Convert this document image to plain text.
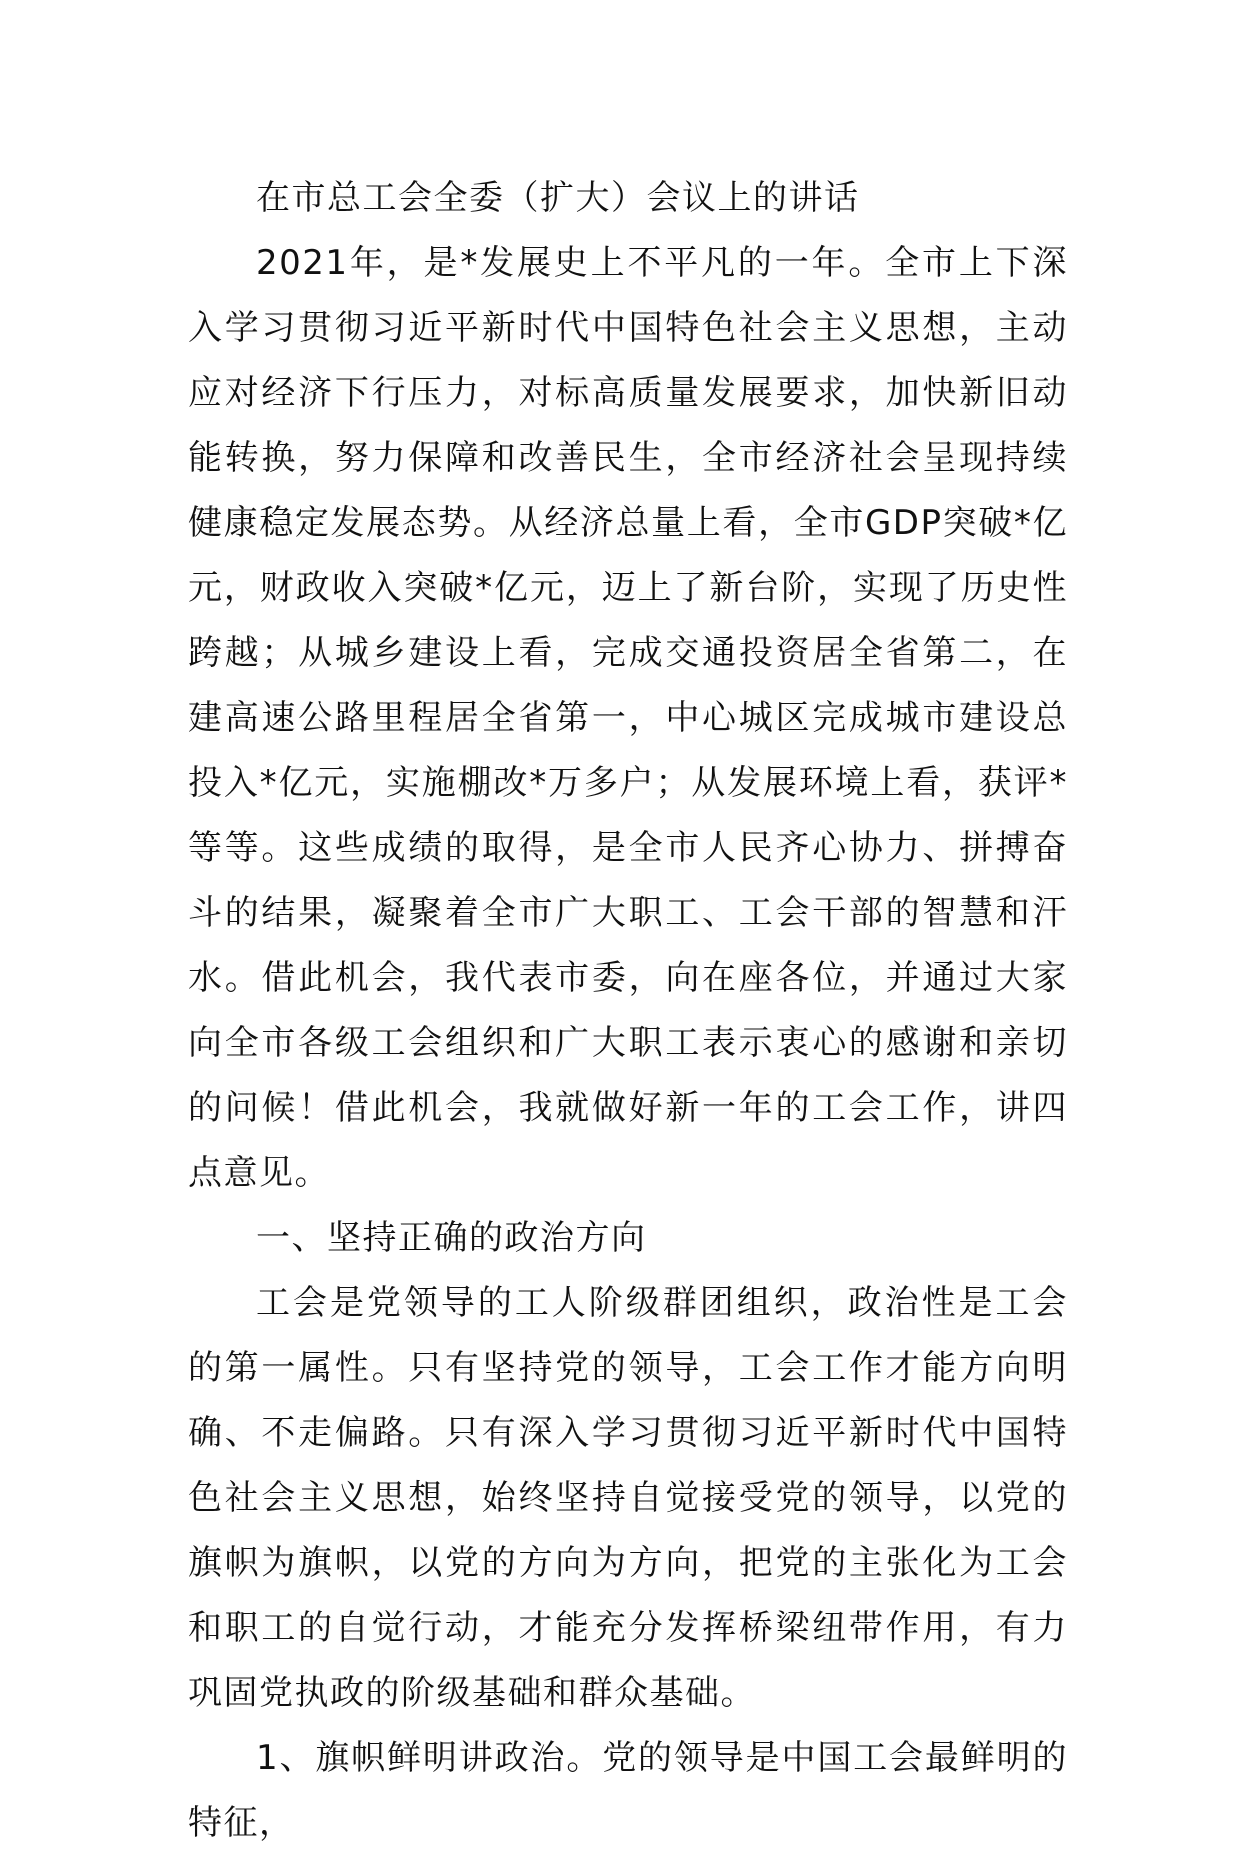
在市总工会全委（扩大）会议上的讲话

2021年，是*发展史上不平凡的一年。全市上下深入学习贯彻习近平新时代中国特色社会主义思想，主动应对经济下行压力，对标高质量发展要求，加快新旧动能转换，努力保障和改善民生，全市经济社会呈现持续健康稳定发展态势。从经济总量上看，全市GDP突破*亿元，财政收入突破*亿元，迈上了新台阶，实现了历史性跨越；从城乡建设上看，完成交通投资居全省第二，在建高速公路里程居全省第一，中心城区完成城市建设总投入*亿元，实施棚改*万多户；从发展环境上看，获评*等等。这些成绩的取得，是全市人民齐心协力、拼搏奋斗的结果，凝聚着全市广大职工、工会干部的智慧和汗水。借此机会，我代表市委，向在座各位，并通过大家向全市各级工会组织和广大职工表示衷心的感谢和亲切的问候！借此机会，我就做好新一年的工会工作，讲四点意见。

一、坚持正确的政治方向

工会是党领导的工人阶级群团组织，政治性是工会的第一属性。只有坚持党的领导，工会工作才能方向明确、不走偏路。只有深入学习贯彻习近平新时代中国特色社会主义思想，始终坚持自觉接受党的领导，以党的旗帜为旗帜，以党的方向为方向，把党的主张化为工会和职工的自觉行动，才能充分发挥桥梁纽带作用，有力巩固党执政的阶级基础和群众基础。

1、旗帜鲜明讲政治。党的领导是中国工会最鲜明的特征，
